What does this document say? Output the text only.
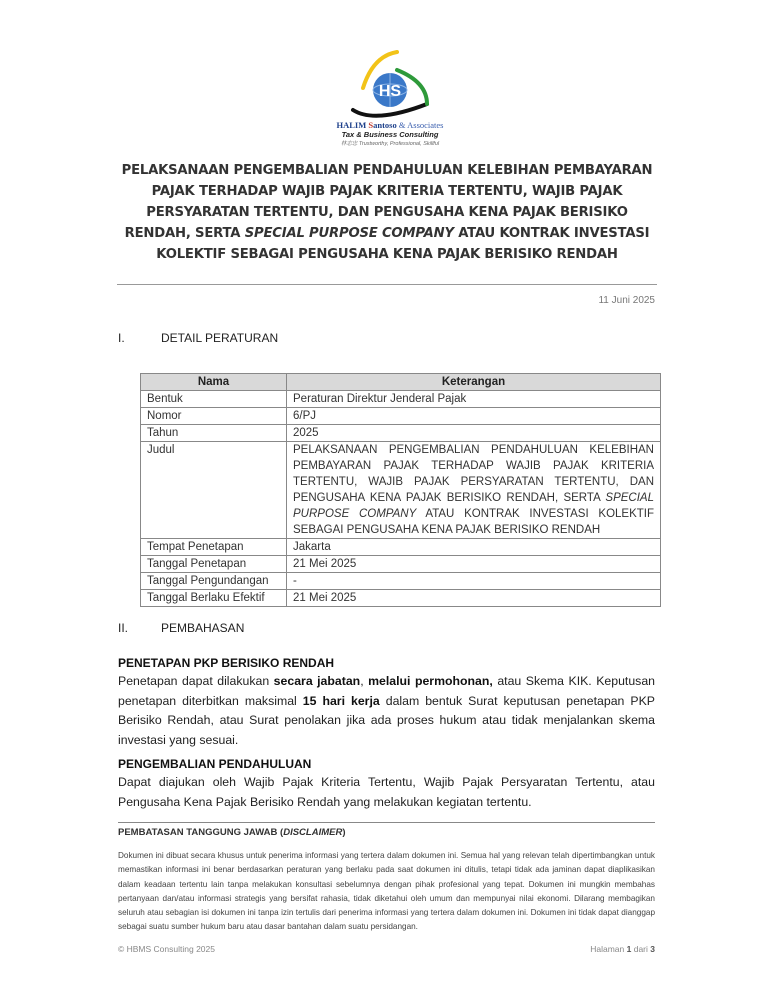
HS
HALIM Santoso & Associates
Tax & Business Consulting
林志忠 Trustworthy, Professional, Skillful
PELAKSANAAN PENGEMBALIAN PENDAHULUAN KELEBIHAN PEMBAYARAN PAJAK TERHADAP WAJIB PAJAK KRITERIA TERTENTU, WAJIB PAJAK PERSYARATAN TERTENTU, DAN PENGUSAHA KENA PAJAK BERISIKO RENDAH, SERTA SPECIAL PURPOSE COMPANY ATAU KONTRAK INVESTASI KOLEKTIF SEBAGAI PENGUSAHA KENA PAJAK BERISIKO RENDAH
11 Juni 2025
I.	DETAIL PERATURAN
Nama	Keterangan
Bentuk	Peraturan Direktur Jenderal Pajak
Nomor	6/PJ
Tahun	2025
Judul	PELAKSANAAN PENGEMBALIAN PENDAHULUAN KELEBIHAN PEMBAYARAN PAJAK TERHADAP WAJIB PAJAK KRITERIA TERTENTU, WAJIB PAJAK PERSYARATAN TERTENTU, DAN PENGUSAHA KENA PAJAK BERISIKO RENDAH, SERTA SPECIAL PURPOSE COMPANY ATAU KONTRAK INVESTASI KOLEKTIF SEBAGAI PENGUSAHA KENA PAJAK BERISIKO RENDAH
Tempat Penetapan	Jakarta
Tanggal Penetapan	21 Mei 2025
Tanggal Pengundangan	-
Tanggal Berlaku Efektif	21 Mei 2025
II.	PEMBAHASAN
PENETAPAN PKP BERISIKO RENDAH
Penetapan dapat dilakukan secara jabatan, melalui permohonan, atau Skema KIK. Keputusan penetapan diterbitkan maksimal 15 hari kerja dalam bentuk Surat keputusan penetapan PKP Berisiko Rendah, atau Surat penolakan jika ada proses hukum atau tidak menjalankan skema investasi yang sesuai.
PENGEMBALIAN PENDAHULUAN
Dapat diajukan oleh Wajib Pajak Kriteria Tertentu, Wajib Pajak Persyaratan Tertentu, atau Pengusaha Kena Pajak Berisiko Rendah yang melakukan kegiatan tertentu.
PEMBATASAN TANGGUNG JAWAB (DISCLAIMER)
Dokumen ini dibuat secara khusus untuk penerima informasi yang tertera dalam dokumen ini. Semua hal yang relevan telah dipertimbangkan untuk memastikan informasi ini benar berdasarkan peraturan yang berlaku pada saat dokumen ini ditulis, tetapi tidak ada jaminan dapat diaplikasikan dalam keadaan tertentu lain tanpa melakukan konsultasi sebelumnya dengan pihak profesional yang tepat. Dokumen ini mungkin membahas pertanyaan dan/atau informasi strategis yang bersifat rahasia, tidak diketahui oleh umum dan mempunyai nilai ekonomi. Dilarang membagikan seluruh atau sebagian isi dokumen ini tanpa izin tertulis dari penerima informasi yang tertera dalam dokumen ini. Dokumen ini tidak dapat dianggap sebagai suatu sumber hukum baru atau dasar bantahan dalam suatu persidangan.
© HBMS Consulting 2025	Halaman 1 dari 3
